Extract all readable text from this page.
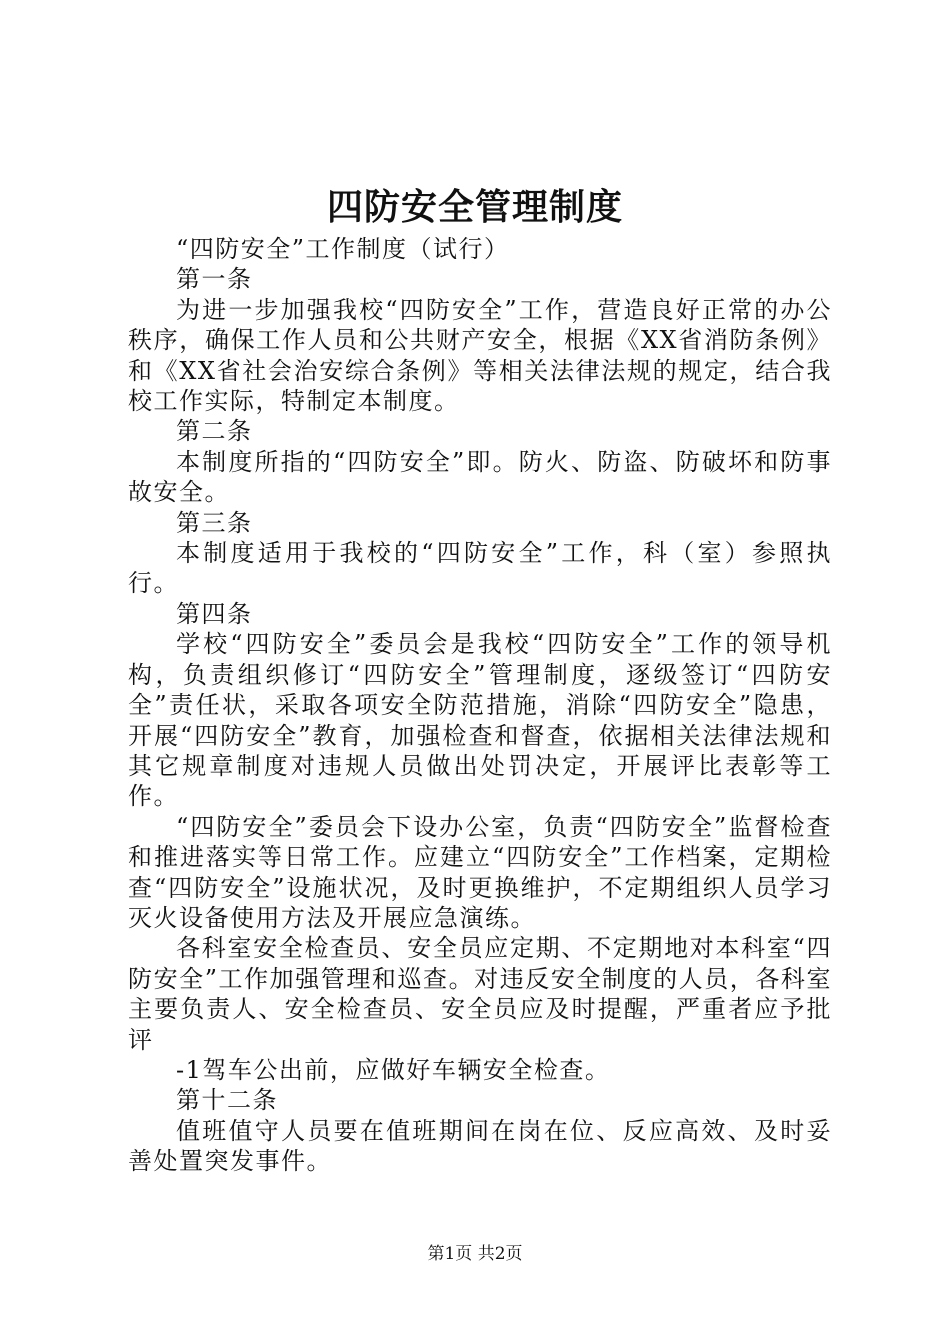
四防安全管理制度

“四防安全”工作制度（试行）

第一条

为进一步加强我校“四防安全”工作，营造良好正常的办公秩序，确保工作人员和公共财产安全，根据《XX省消防条例》和《XX省社会治安综合条例》等相关法律法规的规定，结合我校工作实际，特制定本制度。

第二条

本制度所指的“四防安全”即。防火、防盗、防破坏和防事故安全。

第三条

本制度适用于我校的“四防安全”工作，科（室）参照执行。

第四条

学校“四防安全”委员会是我校“四防安全”工作的领导机构，负责组织修订“四防安全”管理制度，逐级签订“四防安全”责任状，采取各项安全防范措施，消除“四防安全”隐患，开展“四防安全”教育，加强检查和督查，依据相关法律法规和其它规章制度对违规人员做出处罚决定，开展评比表彰等工作。

“四防安全”委员会下设办公室，负责“四防安全”监督检查和推进落实等日常工作。应建立“四防安全”工作档案，定期检查“四防安全”设施状况，及时更换维护，不定期组织人员学习灭火设备使用方法及开展应急演练。

各科室安全检查员、安全员应定期、不定期地对本科室“四防安全”工作加强管理和巡查。对违反安全制度的人员，各科室主要负责人、安全检查员、安全员应及时提醒，严重者应予批评

-1驾车公出前，应做好车辆安全检查。

第十二条

值班值守人员要在值班期间在岗在位、反应高效、及时妥善处置突发事件。

第1页 共2页
